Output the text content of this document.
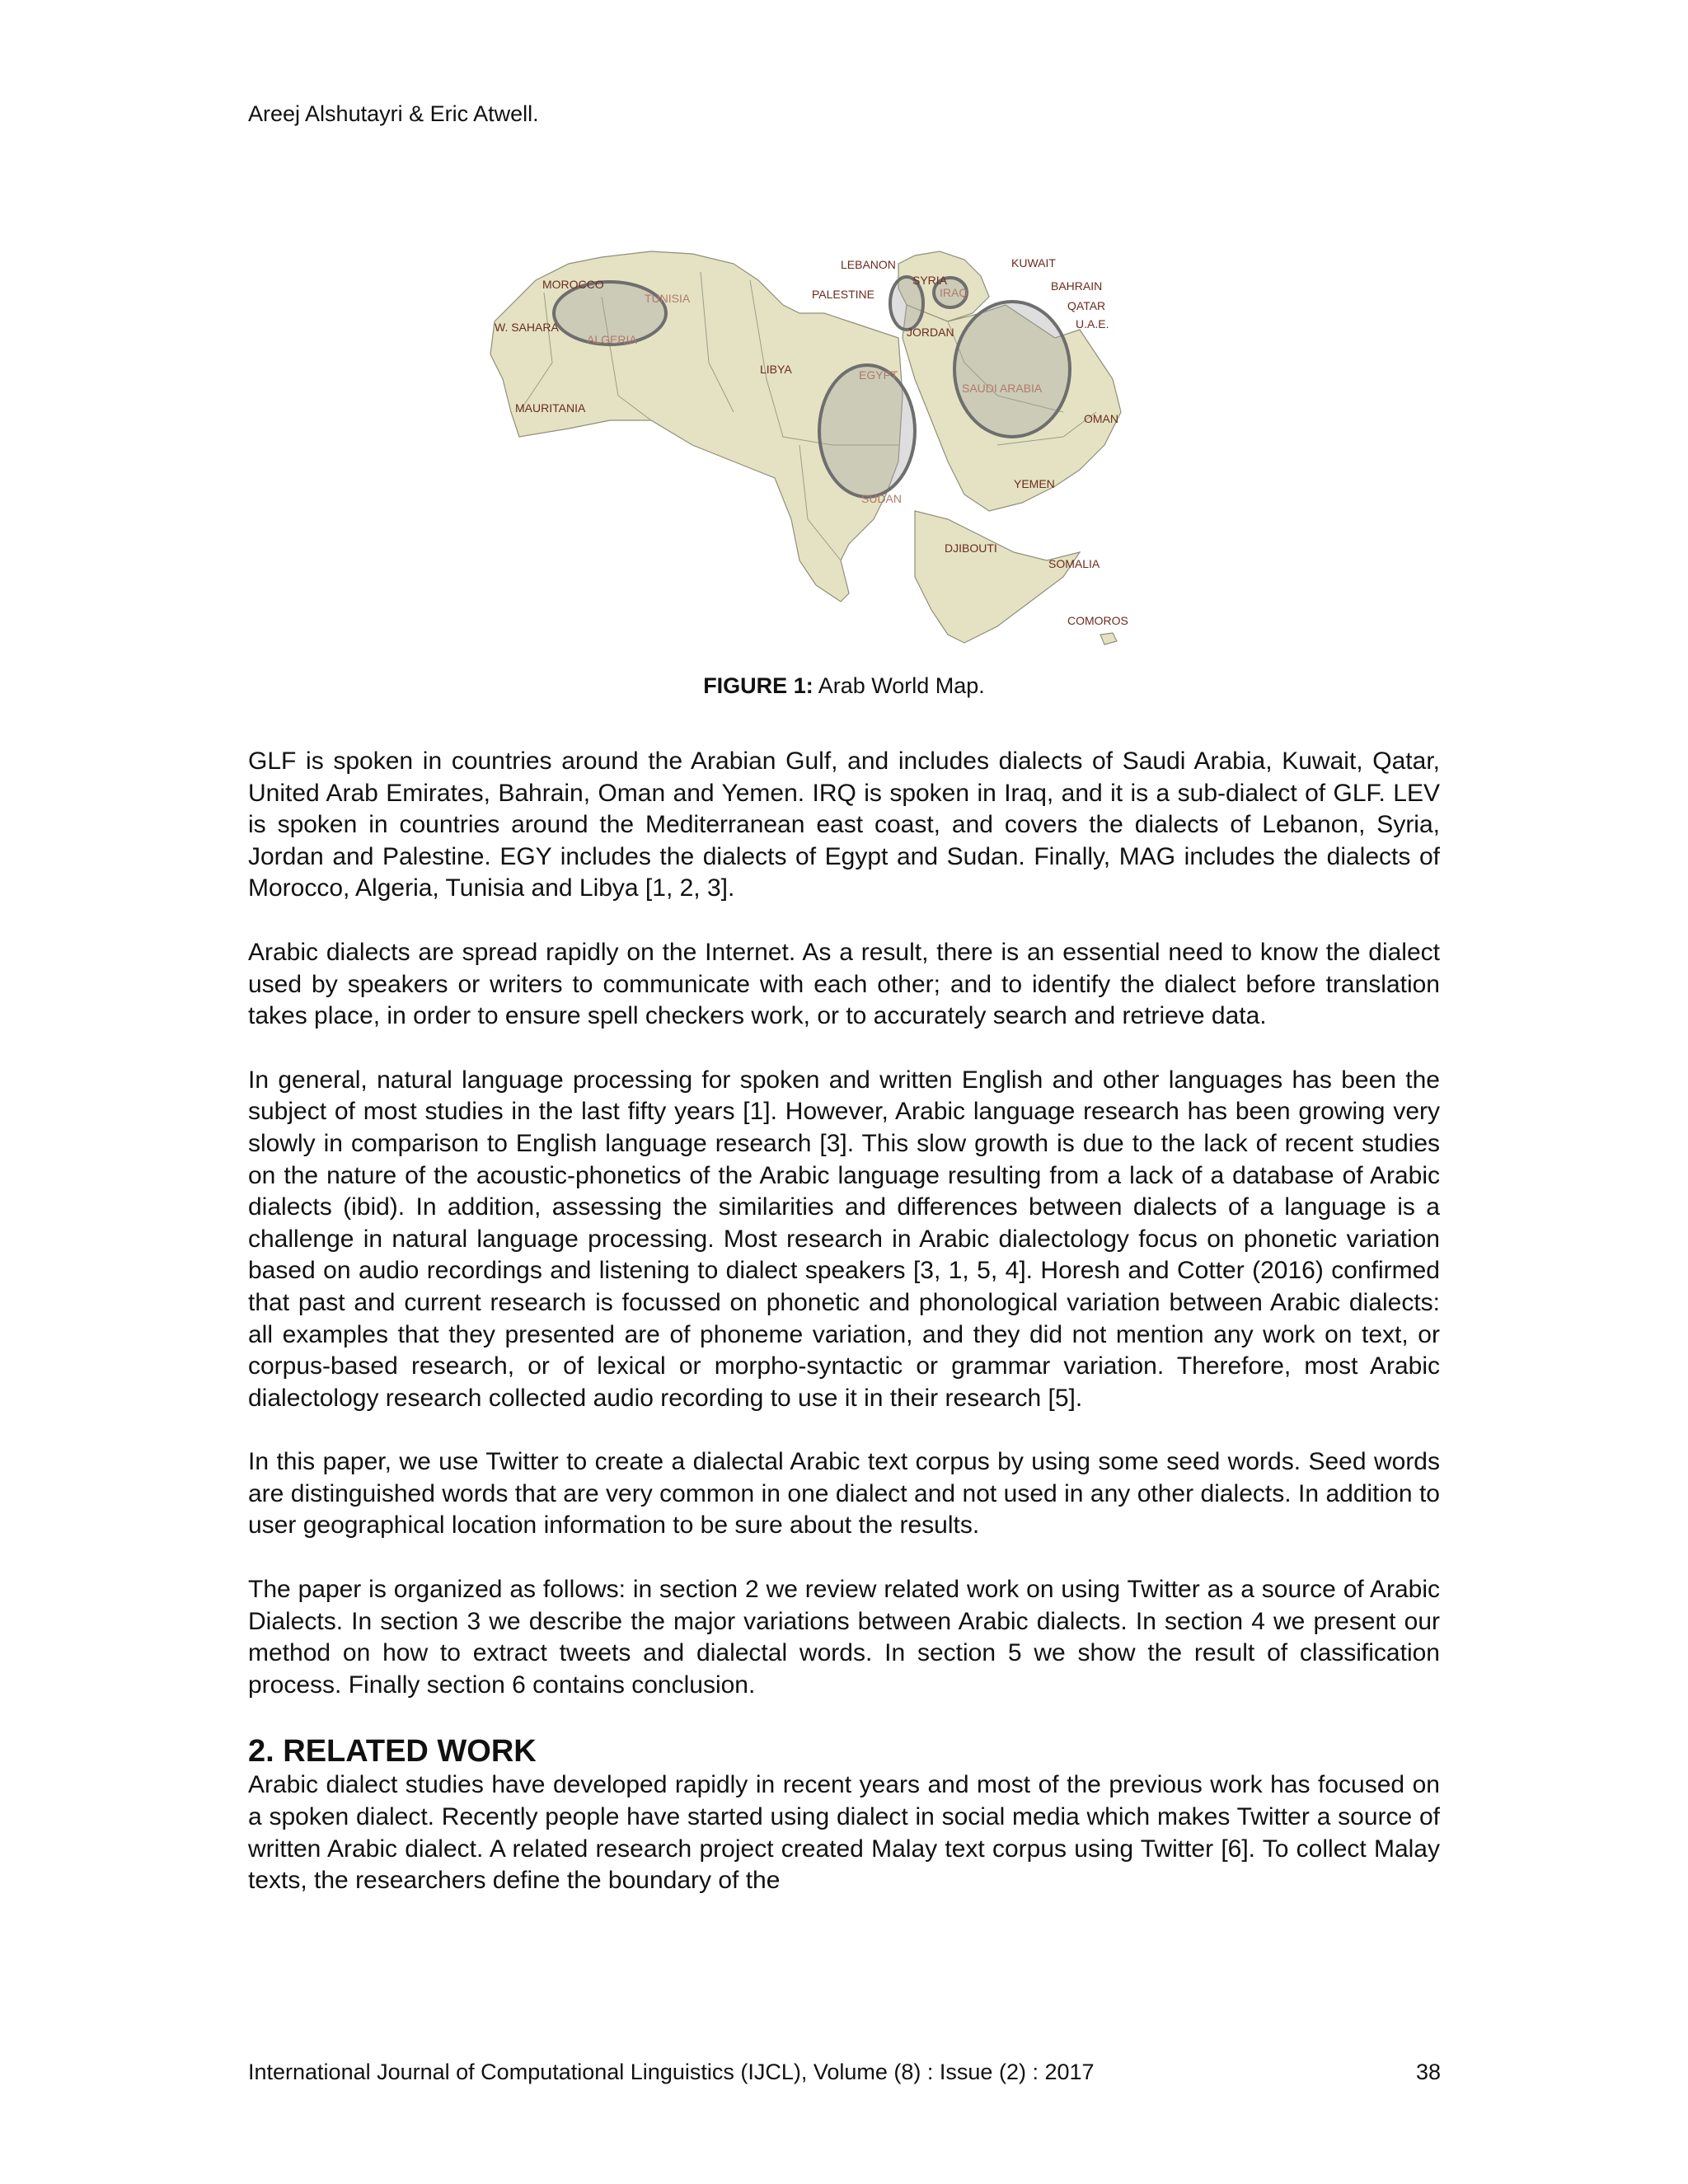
Areej Alshutayri & Eric Atwell.
MOROCCO
W. SAHARA
MAURITANIA
ALGERIA
TUNISIA
LIBYA	EGYPT
SUDAN
LEBANON
PALESTINE
SYRIA
JORDAN
IRAQ
KUWAIT
BAHRAIN
QATAR
U.A.E.
SAUDI ARABIA
OMAN
YEMEN
DJIBOUTI
SOMALIA
COMOROS
FIGURE 1: Arab World Map.

GLF is spoken in countries around the Arabian Gulf, and includes dialects of Saudi Arabia, Kuwait, Qatar, United Arab Emirates, Bahrain, Oman and Yemen. IRQ is spoken in Iraq, and it is a sub-dialect of GLF. LEV is spoken in countries around the Mediterranean east coast, and covers the dialects of Lebanon, Syria, Jordan and Palestine. EGY includes the dialects of Egypt and Sudan. Finally, MAG includes the dialects of Morocco, Algeria, Tunisia and Libya [1, 2, 3].

Arabic dialects are spread rapidly on the Internet. As a result, there is an essential need to know the dialect used by speakers or writers to communicate with each other; and to identify the dialect before translation takes place, in order to ensure spell checkers work, or to accurately search and retrieve data.

In general, natural language processing for spoken and written English and other languages has been the subject of most studies in the last fifty years [1]. However, Arabic language research has been growing very slowly in comparison to English language research [3]. This slow growth is due to the lack of recent studies on the nature of the acoustic-phonetics of the Arabic language resulting from a lack of a database of Arabic dialects (ibid). In addition, assessing the similarities and differences between dialects of a language is a challenge in natural language processing. Most research in Arabic dialectology focus on phonetic variation based on audio recordings and listening to dialect speakers [3, 1, 5, 4]. Horesh and Cotter (2016) confirmed that past and current research is focussed on phonetic and phonological variation between Arabic dialects: all examples that they presented are of phoneme variation, and they did not mention any work on text, or corpus-based research, or of lexical or morpho-syntactic or grammar variation. Therefore, most Arabic dialectology research collected audio recording to use it in their research [5].

In this paper, we use Twitter to create a dialectal Arabic text corpus by using some seed words. Seed words are distinguished words that are very common in one dialect and not used in any other dialects. In addition to user geographical location information to be sure about the results.

The paper is organized as follows: in section 2 we review related work on using Twitter as a source of Arabic Dialects. In section 3 we describe the major variations between Arabic dialects. In section 4 we present our method on how to extract tweets and dialectal words. In section 5 we show the result of classification process. Finally section 6 contains conclusion.

2. RELATED WORK

Arabic dialect studies have developed rapidly in recent years and most of the previous work has focused on a spoken dialect. Recently people have started using dialect in social media which makes Twitter a source of written Arabic dialect. A related research project created Malay text corpus using Twitter [6]. To collect Malay texts, the researchers define the boundary of the

International Journal of Computational Linguistics (IJCL), Volume (8) : Issue (2) : 2017	38
